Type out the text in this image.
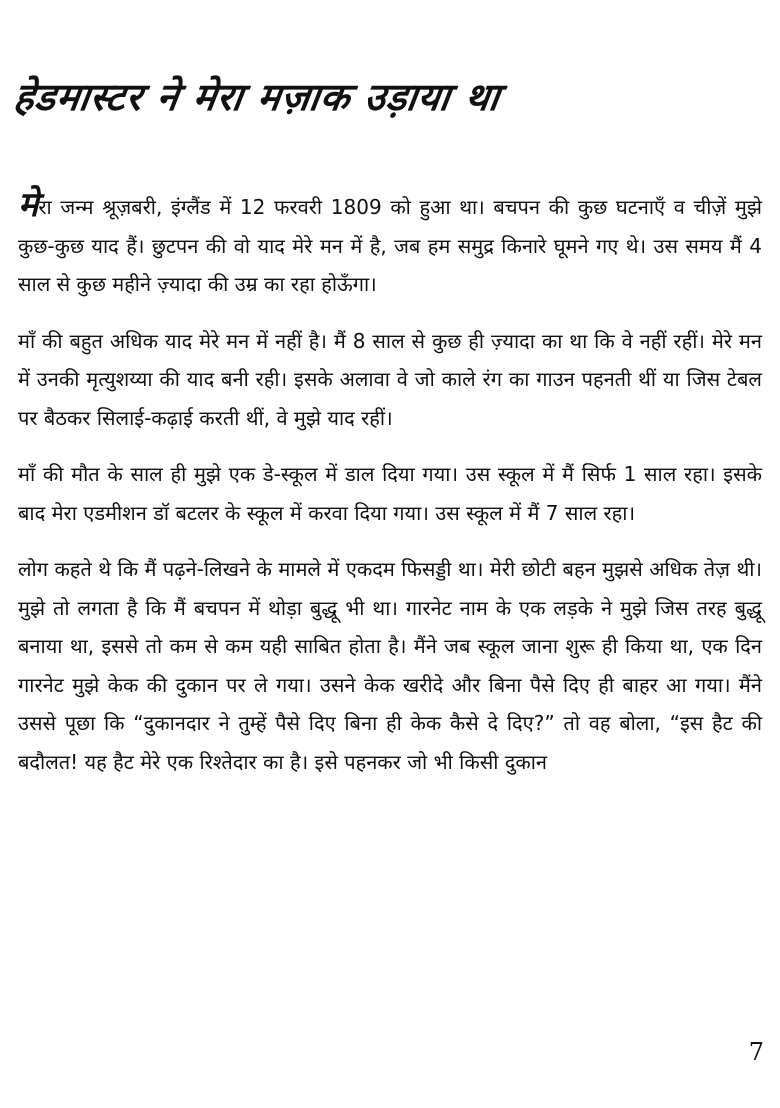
हेडमास्टर ने मेरा मज़ाक उड़ाया था

मेरा जन्म श्रूज़बरी, इंग्लैंड में 12 फरवरी 1809 को हुआ था। बचपन की कुछ घटनाएँ व चीज़ें मुझे कुछ-कुछ याद हैं। छुटपन की वो याद मेरे मन में है, जब हम समुद्र किनारे घूमने गए थे। उस समय मैं 4 साल से कुछ महीने ज़्यादा की उम्र का रहा होऊँगा।

माँ की बहुत अधिक याद मेरे मन में नहीं है। मैं 8 साल से कुछ ही ज़्यादा का था कि वे नहीं रहीं। मेरे मन में उनकी मृत्युशय्या की याद बनी रही। इसके अलावा वे जो काले रंग का गाउन पहनती थीं या जिस टेबल पर बैठकर सिलाई-कढ़ाई करती थीं, वे मुझे याद रहीं।

माँ की मौत के साल ही मुझे एक डे-स्कूल में डाल दिया गया। उस स्कूल में मैं सिर्फ 1 साल रहा। इसके बाद मेरा एडमीशन डॉ बटलर के स्कूल में करवा दिया गया। उस स्कूल में मैं 7 साल रहा।

लोग कहते थे कि मैं पढ़ने-लिखने के मामले में एकदम फिसड्डी था। मेरी छोटी बहन मुझसे अधिक तेज़ थी। मुझे तो लगता है कि मैं बचपन में थोड़ा बुद्धू भी था। गारनेट नाम के एक लड़के ने मुझे जिस तरह बुद्धू बनाया था, इससे तो कम से कम यही साबित होता है। मैंने जब स्कूल जाना शुरू ही किया था, एक दिन गारनेट मुझे केक की दुकान पर ले गया। उसने केक खरीदे और बिना पैसे दिए ही बाहर आ गया। मैंने उससे पूछा कि “दुकानदार ने तुम्हें पैसे दिए बिना ही केक कैसे दे दिए?” तो वह बोला, “इस हैट की बदौलत! यह हैट मेरे एक रिश्तेदार का है। इसे पहनकर जो भी किसी दुकान

7
